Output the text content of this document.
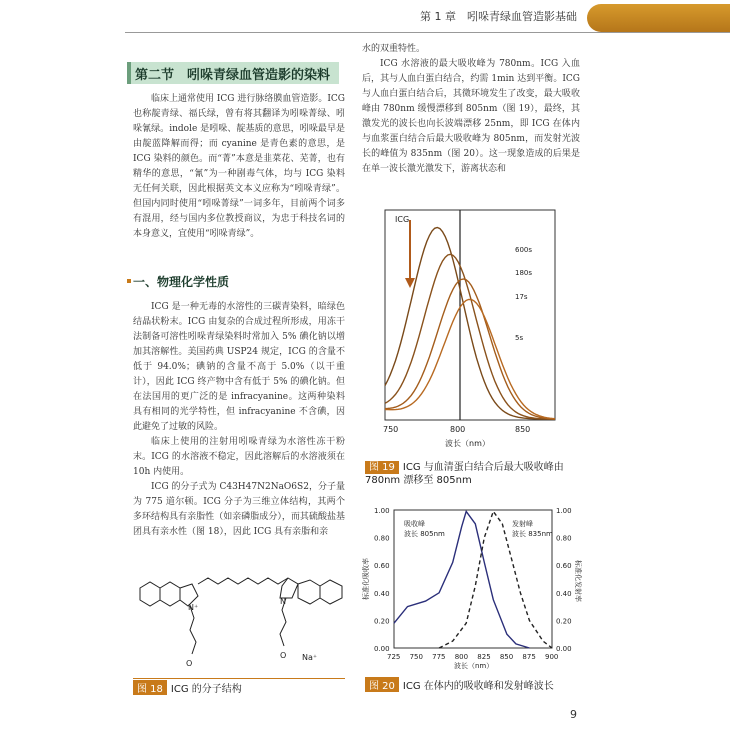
第 1 章　吲哚青绿血管造影基础
第二节　吲哚青绿血管造影的染料

临床上通常使用 ICG 进行脉络膜血管造影。ICG 也称靛青绿、福氏绿，曾有将其翻译为吲哚菁绿、吲哚氰绿。indole 是吲哚、靛基质的意思，吲哚最早是由靛蓝降解而得；而 cyanine 是青色素的意思，是 ICG 染料的颜色。而“菁”本意是韭菜花、芜菁，也有精华的意思，“氰”为一种剧毒气体，均与 ICG 染料无任何关联，因此根据英文本义应称为“吲哚青绿”。但国内同时使用“吲哚菁绿”一词多年，目前两个词多有混用，经与国内多位教授商议，为忠于科技名词的本身意义，宜使用“吲哚青绿”。

一、物理化学性质

ICG 是一种无毒的水溶性的三碳青染料，暗绿色结晶状粉末。ICG 由复杂的合成过程所形成，用冻干法制备可溶性吲哚青绿染料时常加入 5% 碘化钠以增加其溶解性。美国药典 USP24 规定，ICG 的含量不低于 94.0%；碘钠的含量不高于 5.0%（以干重计），因此 ICG 终产物中含有低于 5% 的碘化钠。但在法国用的更广泛的是 infracyanine。这两种染料具有相同的光学特性，但 infracyanine 不含碘，因此避免了过敏的风险。

临床上使用的注射用吲哚青绿为水溶性冻干粉末。ICG 的水溶液不稳定，因此溶解后的水溶液须在 10h 内使用。

ICG 的分子式为 C43H47N2NaO6S2，分子量为 775 道尔顿。ICG 分子为三维立体结构，其两个多环结构具有亲脂性（如亲磷脂成分），而其硫酸盐基团具有亲水性（图 18），因此 ICG 具有亲脂和亲

水的双重特性。

ICG 水溶液的最大吸收峰为 780nm。ICG 入血后，其与人血白蛋白结合，约需 1min 达到平衡。ICG 与人血白蛋白结合后，其微环境发生了改变，最大吸收峰由 780nm 缓慢漂移到 805nm（图 19），最终，其激发光的波长也向长波端漂移 25nm，即 ICG 在体内与血浆蛋白结合后最大吸收峰为 805nm，而发射光波长的峰值为 835nm（图 20）。这一现象造成的后果是在单一波长激光激发下，游离状态和

N⁺
N
O
O Na⁺
图 18 ICG 的分子结构
ICG
600s
180s
17s
5s
750	800	850
波长（nm）
图 19 ICG 与血清蛋白结合后最大吸收峰由 780nm 漂移至 805nm
标准化吸收率	标准化发射率
0.00	0.00
0.20	0.20
0.40	0.40
0.60	0.60
0.80	0.80
1.00	1.00
725 750 775 800 825 850 875 900
吸收峰
波长 805nm
发射峰
波长 835nm
波长（nm）
图 20 ICG 在体内的吸收峰和发射峰波长
9
